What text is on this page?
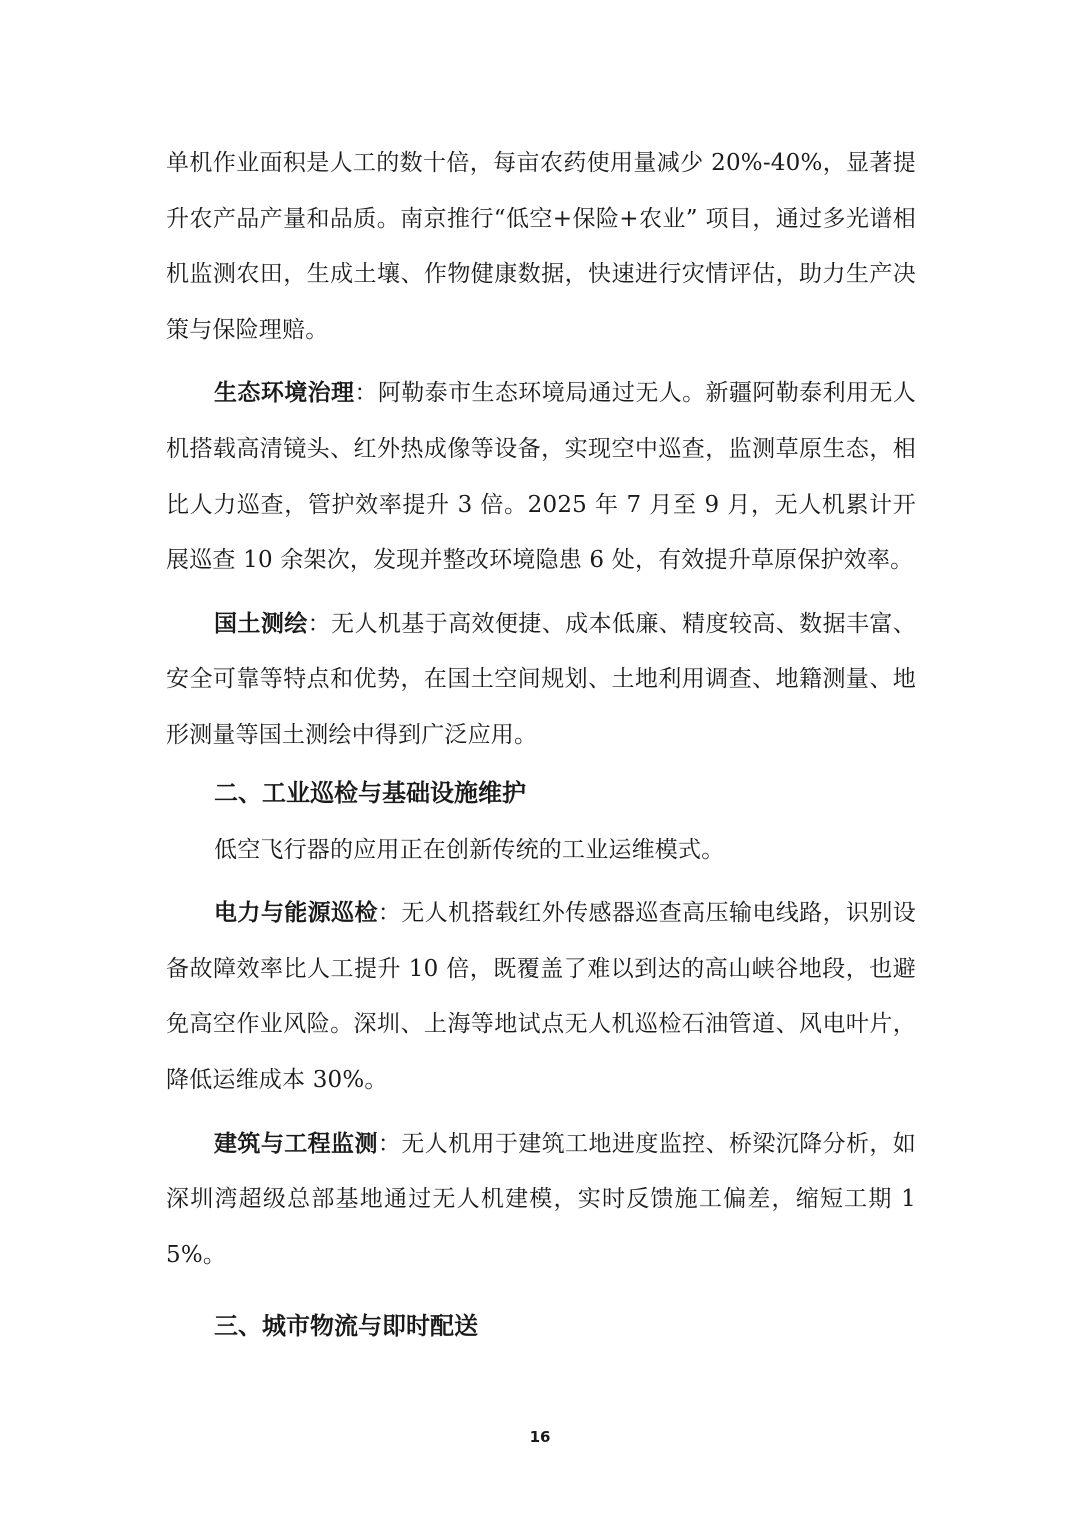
单机作业面积是人工的数十倍，每亩农药使用量减少 20%-40%，显著提升农产品产量和品质。南京推行“低空+保险+农业” 项目，通过多光谱相机监测农田，生成土壤、作物健康数据，快速进行灾情评估，助力生产决策与保险理赔。

生态环境治理：阿勒泰市生态环境局通过无人。新疆阿勒泰利用无人机搭载高清镜头、红外热成像等设备，实现空中巡查，监测草原生态，相比人力巡查，管护效率提升 3 倍。2025 年 7 月至 9 月，无人机累计开展巡查 10 余架次，发现并整改环境隐患 6 处，有效提升草原保护效率。

国土测绘：无人机基于高效便捷、成本低廉、精度较高、数据丰富、安全可靠等特点和优势，在国土空间规划、土地利用调查、地籍测量、地形测量等国土测绘中得到广泛应用。

二、工业巡检与基础设施维护

低空飞行器的应用正在创新传统的工业运维模式。

电力与能源巡检：无人机搭载红外传感器巡查高压输电线路，识别设备故障效率比人工提升 10 倍，既覆盖了难以到达的高山峡谷地段，也避免高空作业风险。深圳、上海等地试点无人机巡检石油管道、风电叶片，降低运维成本 30%。

建筑与工程监测：无人机用于建筑工地进度监控、桥梁沉降分析，如深圳湾超级总部基地通过无人机建模，实时反馈施工偏差，缩短工期 15%。

三、城市物流与即时配送
16
